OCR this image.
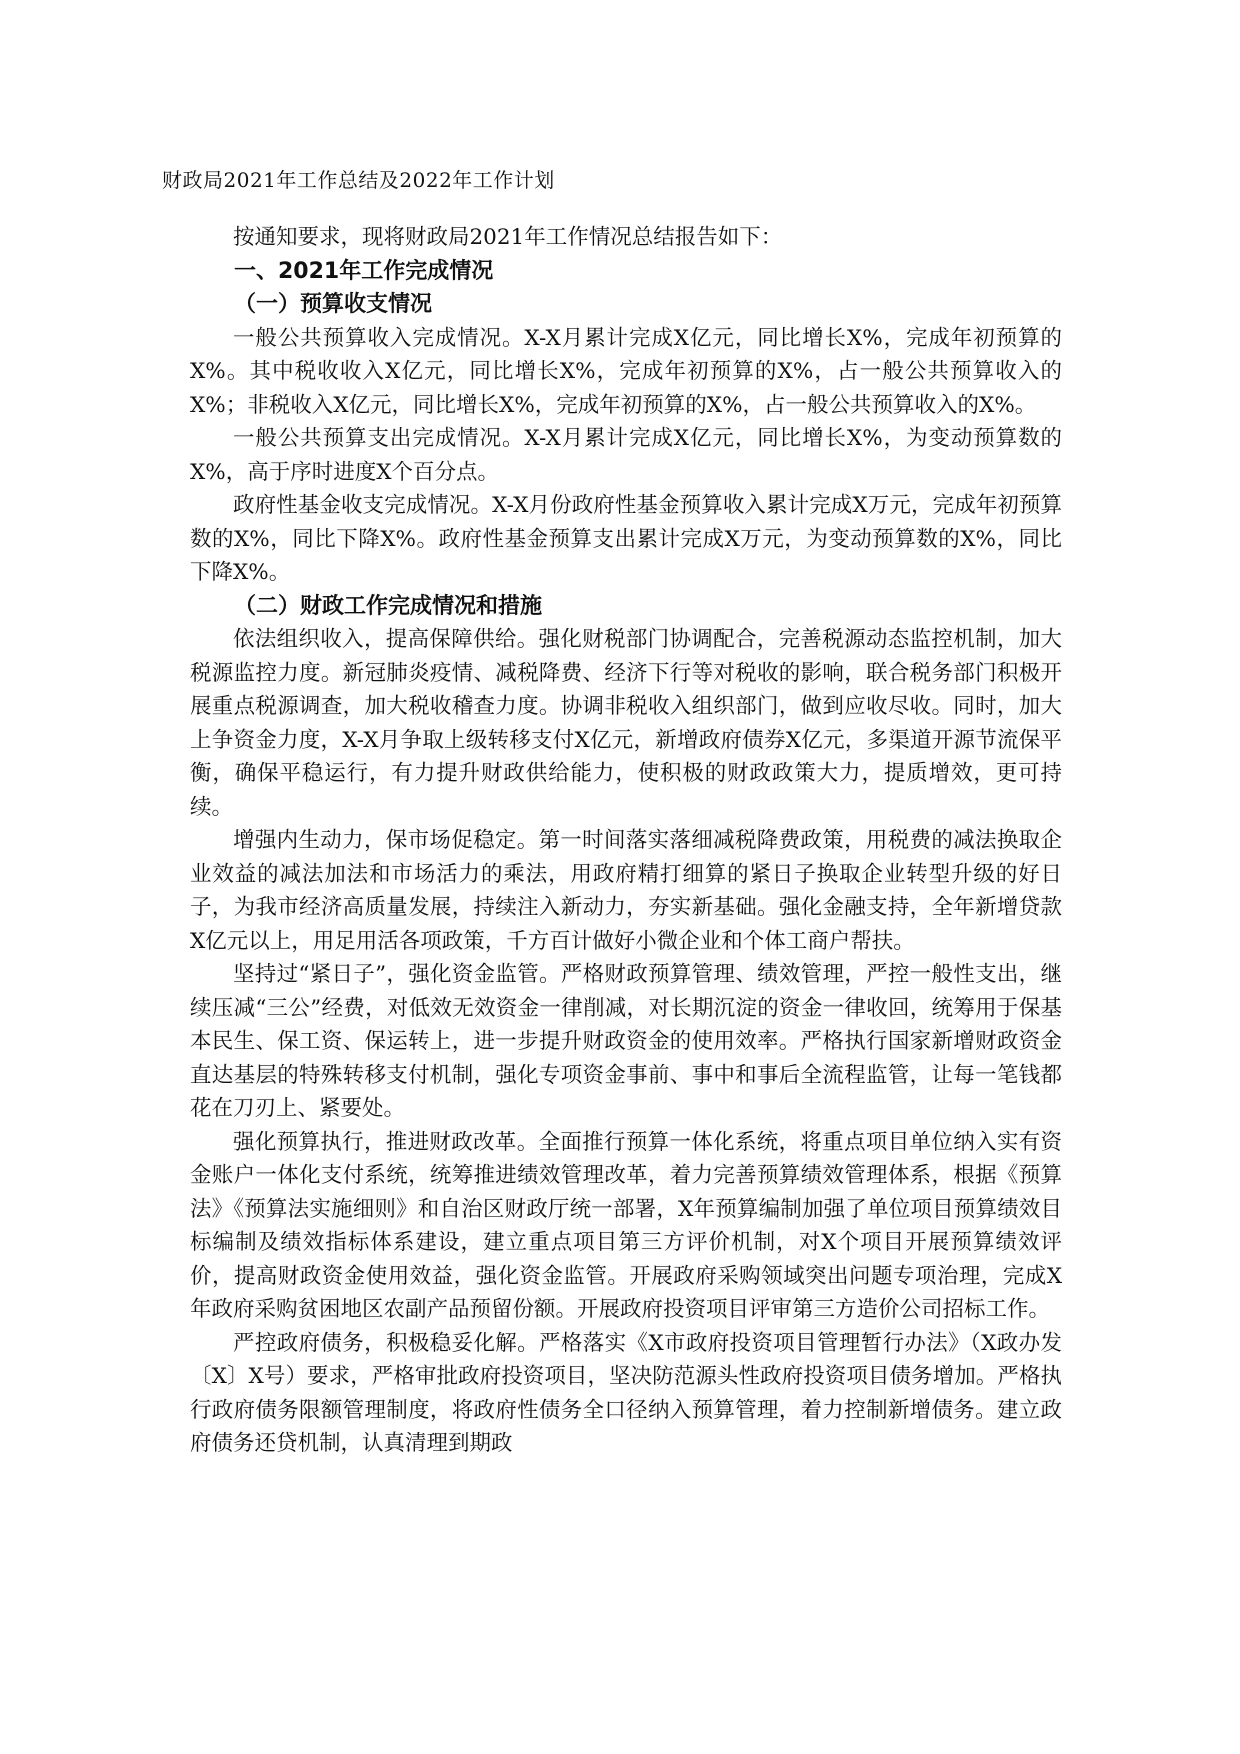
财政局2021年工作总结及2022年工作计划

按通知要求，现将财政局2021年工作情况总结报告如下：

一、2021年工作完成情况
（一）预算收支情况

一般公共预算收入完成情况。X-X月累计完成X亿元，同比增长X%，完成年初预算的X%。其中税收收入X亿元，同比增长X%，完成年初预算的X%，占一般公共预算收入的X%；非税收入X亿元，同比增长X%，完成年初预算的X%，占一般公共预算收入的X%。

一般公共预算支出完成情况。X-X月累计完成X亿元，同比增长X%，为变动预算数的X%，高于序时进度X个百分点。

政府性基金收支完成情况。X-X月份政府性基金预算收入累计完成X万元，完成年初预算数的X%，同比下降X%。政府性基金预算支出累计完成X万元，为变动预算数的X%，同比下降X%。

（二）财政工作完成情况和措施

依法组织收入，提高保障供给。强化财税部门协调配合，完善税源动态监控机制，加大税源监控力度。新冠肺炎疫情、减税降费、经济下行等对税收的影响，联合税务部门积极开展重点税源调查，加大税收稽查力度。协调非税收入组织部门，做到应收尽收。同时，加大上争资金力度，X-X月争取上级转移支付X亿元，新增政府债券X亿元，多渠道开源节流保平衡，确保平稳运行，有力提升财政供给能力，使积极的财政政策大力，提质增效，更可持续。

增强内生动力，保市场促稳定。第一时间落实落细减税降费政策，用税费的减法换取企业效益的减法加法和市场活力的乘法，用政府精打细算的紧日子换取企业转型升级的好日子，为我市经济高质量发展，持续注入新动力，夯实新基础。强化金融支持，全年新增贷款X亿元以上，用足用活各项政策，千方百计做好小微企业和个体工商户帮扶。

坚持过“紧日子”，强化资金监管。严格财政预算管理、绩效管理，严控一般性支出，继续压减“三公”经费，对低效无效资金一律削减，对长期沉淀的资金一律收回，统筹用于保基本民生、保工资、保运转上，进一步提升财政资金的使用效率。严格执行国家新增财政资金直达基层的特殊转移支付机制，强化专项资金事前、事中和事后全流程监管，让每一笔钱都花在刀刃上、紧要处。

强化预算执行，推进财政改革。全面推行预算一体化系统，将重点项目单位纳入实有资金账户一体化支付系统，统筹推进绩效管理改革，着力完善预算绩效管理体系，根据《预算法》《预算法实施细则》和自治区财政厅统一部署，X年预算编制加强了单位项目预算绩效目标编制及绩效指标体系建设，建立重点项目第三方评价机制，对X个项目开展预算绩效评价，提高财政资金使用效益，强化资金监管。开展政府采购领域突出问题专项治理，完成X年政府采购贫困地区农副产品预留份额。开展政府投资项目评审第三方造价公司招标工作。

严控政府债务，积极稳妥化解。严格落实《X市政府投资项目管理暂行办法》（X政办发〔X〕X号）要求，严格审批政府投资项目，坚决防范源头性政府投资项目债务增加。严格执行政府债务限额管理制度，将政府性债务全口径纳入预算管理，着力控制新增债务。建立政府债务还贷机制，认真清理到期政
